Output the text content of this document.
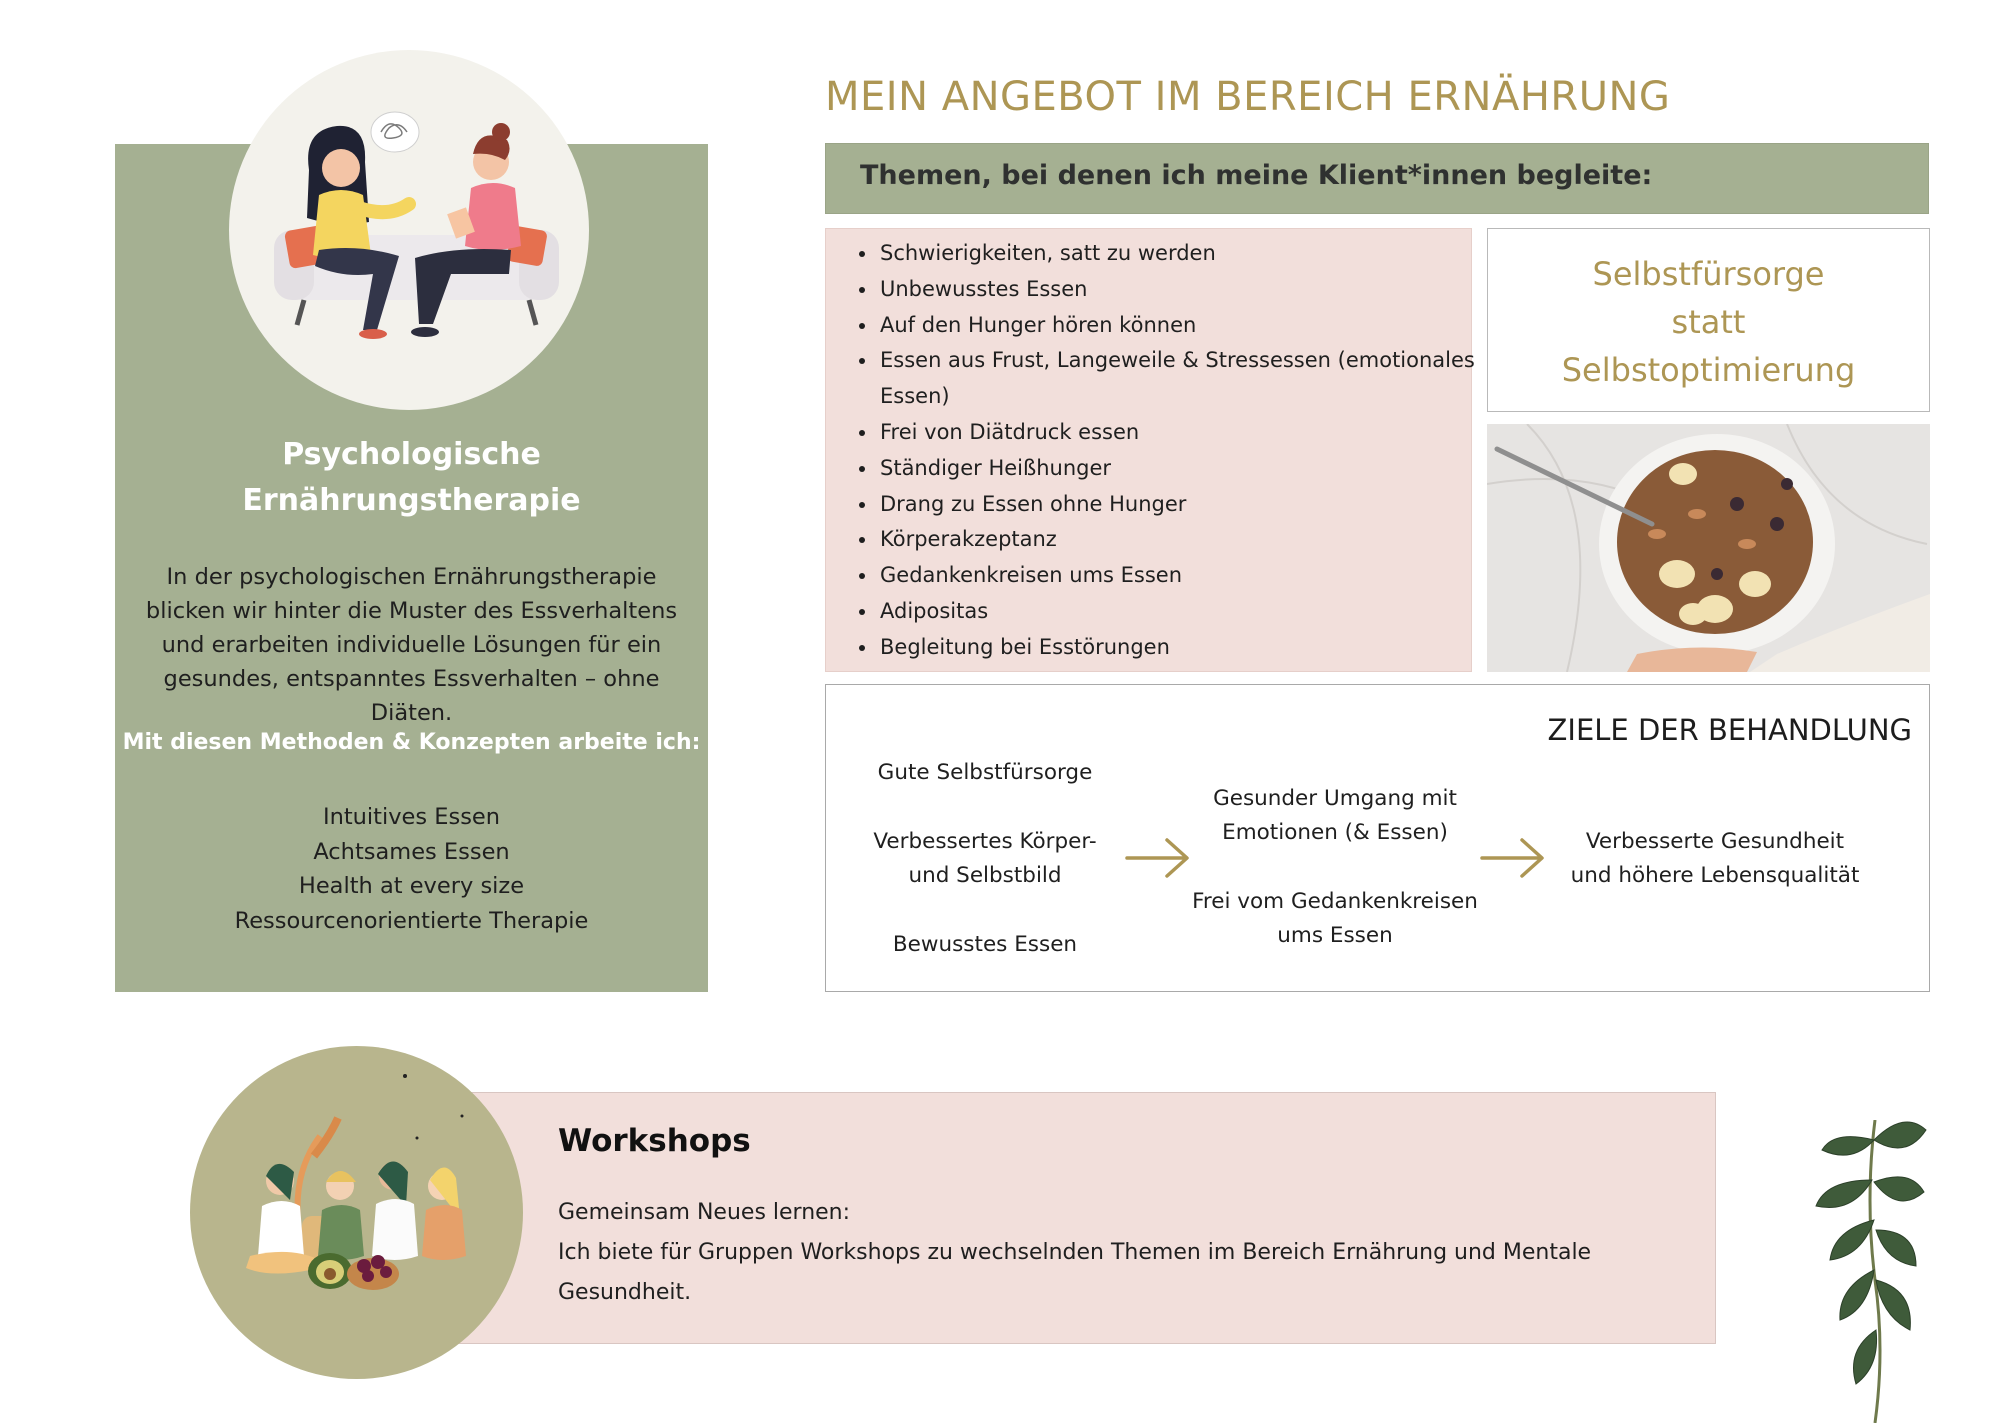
Psychologische
Ernährungstherapie
In der psychologischen Ernährungstherapie blicken wir hinter die Muster des Essverhaltens und erarbeiten individuelle Lösungen für ein gesundes, entspanntes Essverhalten – ohne Diäten.
Mit diesen Methoden & Konzepten arbeite ich:
Intuitives Essen
Achtsames Essen
Health at every size
Ressourcenorientierte Therapie
MEIN ANGEBOT IM BEREICH ERNÄHRUNG
Themen, bei denen ich meine Klient*innen begleite:
• Schwierigkeiten, satt zu werden
• Unbewusstes Essen
• Auf den Hunger hören können
• Essen aus Frust, Langeweile & Stressessen (emotionales Essen)
• Frei von Diätdruck essen
• Ständiger Heißhunger
• Drang zu Essen ohne Hunger
• Körperakzeptanz
• Gedankenkreisen ums Essen
• Adipositas
• Begleitung bei Esstörungen
Selbstfürsorge
statt
Selbstoptimierung
ZIELE DER BEHANDLUNG
Gute Selbstfürsorge
Verbessertes Körper- und Selbstbild
Bewusstes Essen
Gesunder Umgang mit Emotionen (& Essen)
Frei vom Gedankenkreisen ums Essen
Verbesserte Gesundheit und höhere Lebensqualität
Workshops
Gemeinsam Neues lernen:
Ich biete für Gruppen Workshops zu wechselnden Themen im Bereich Ernährung und Mentale Gesundheit.
